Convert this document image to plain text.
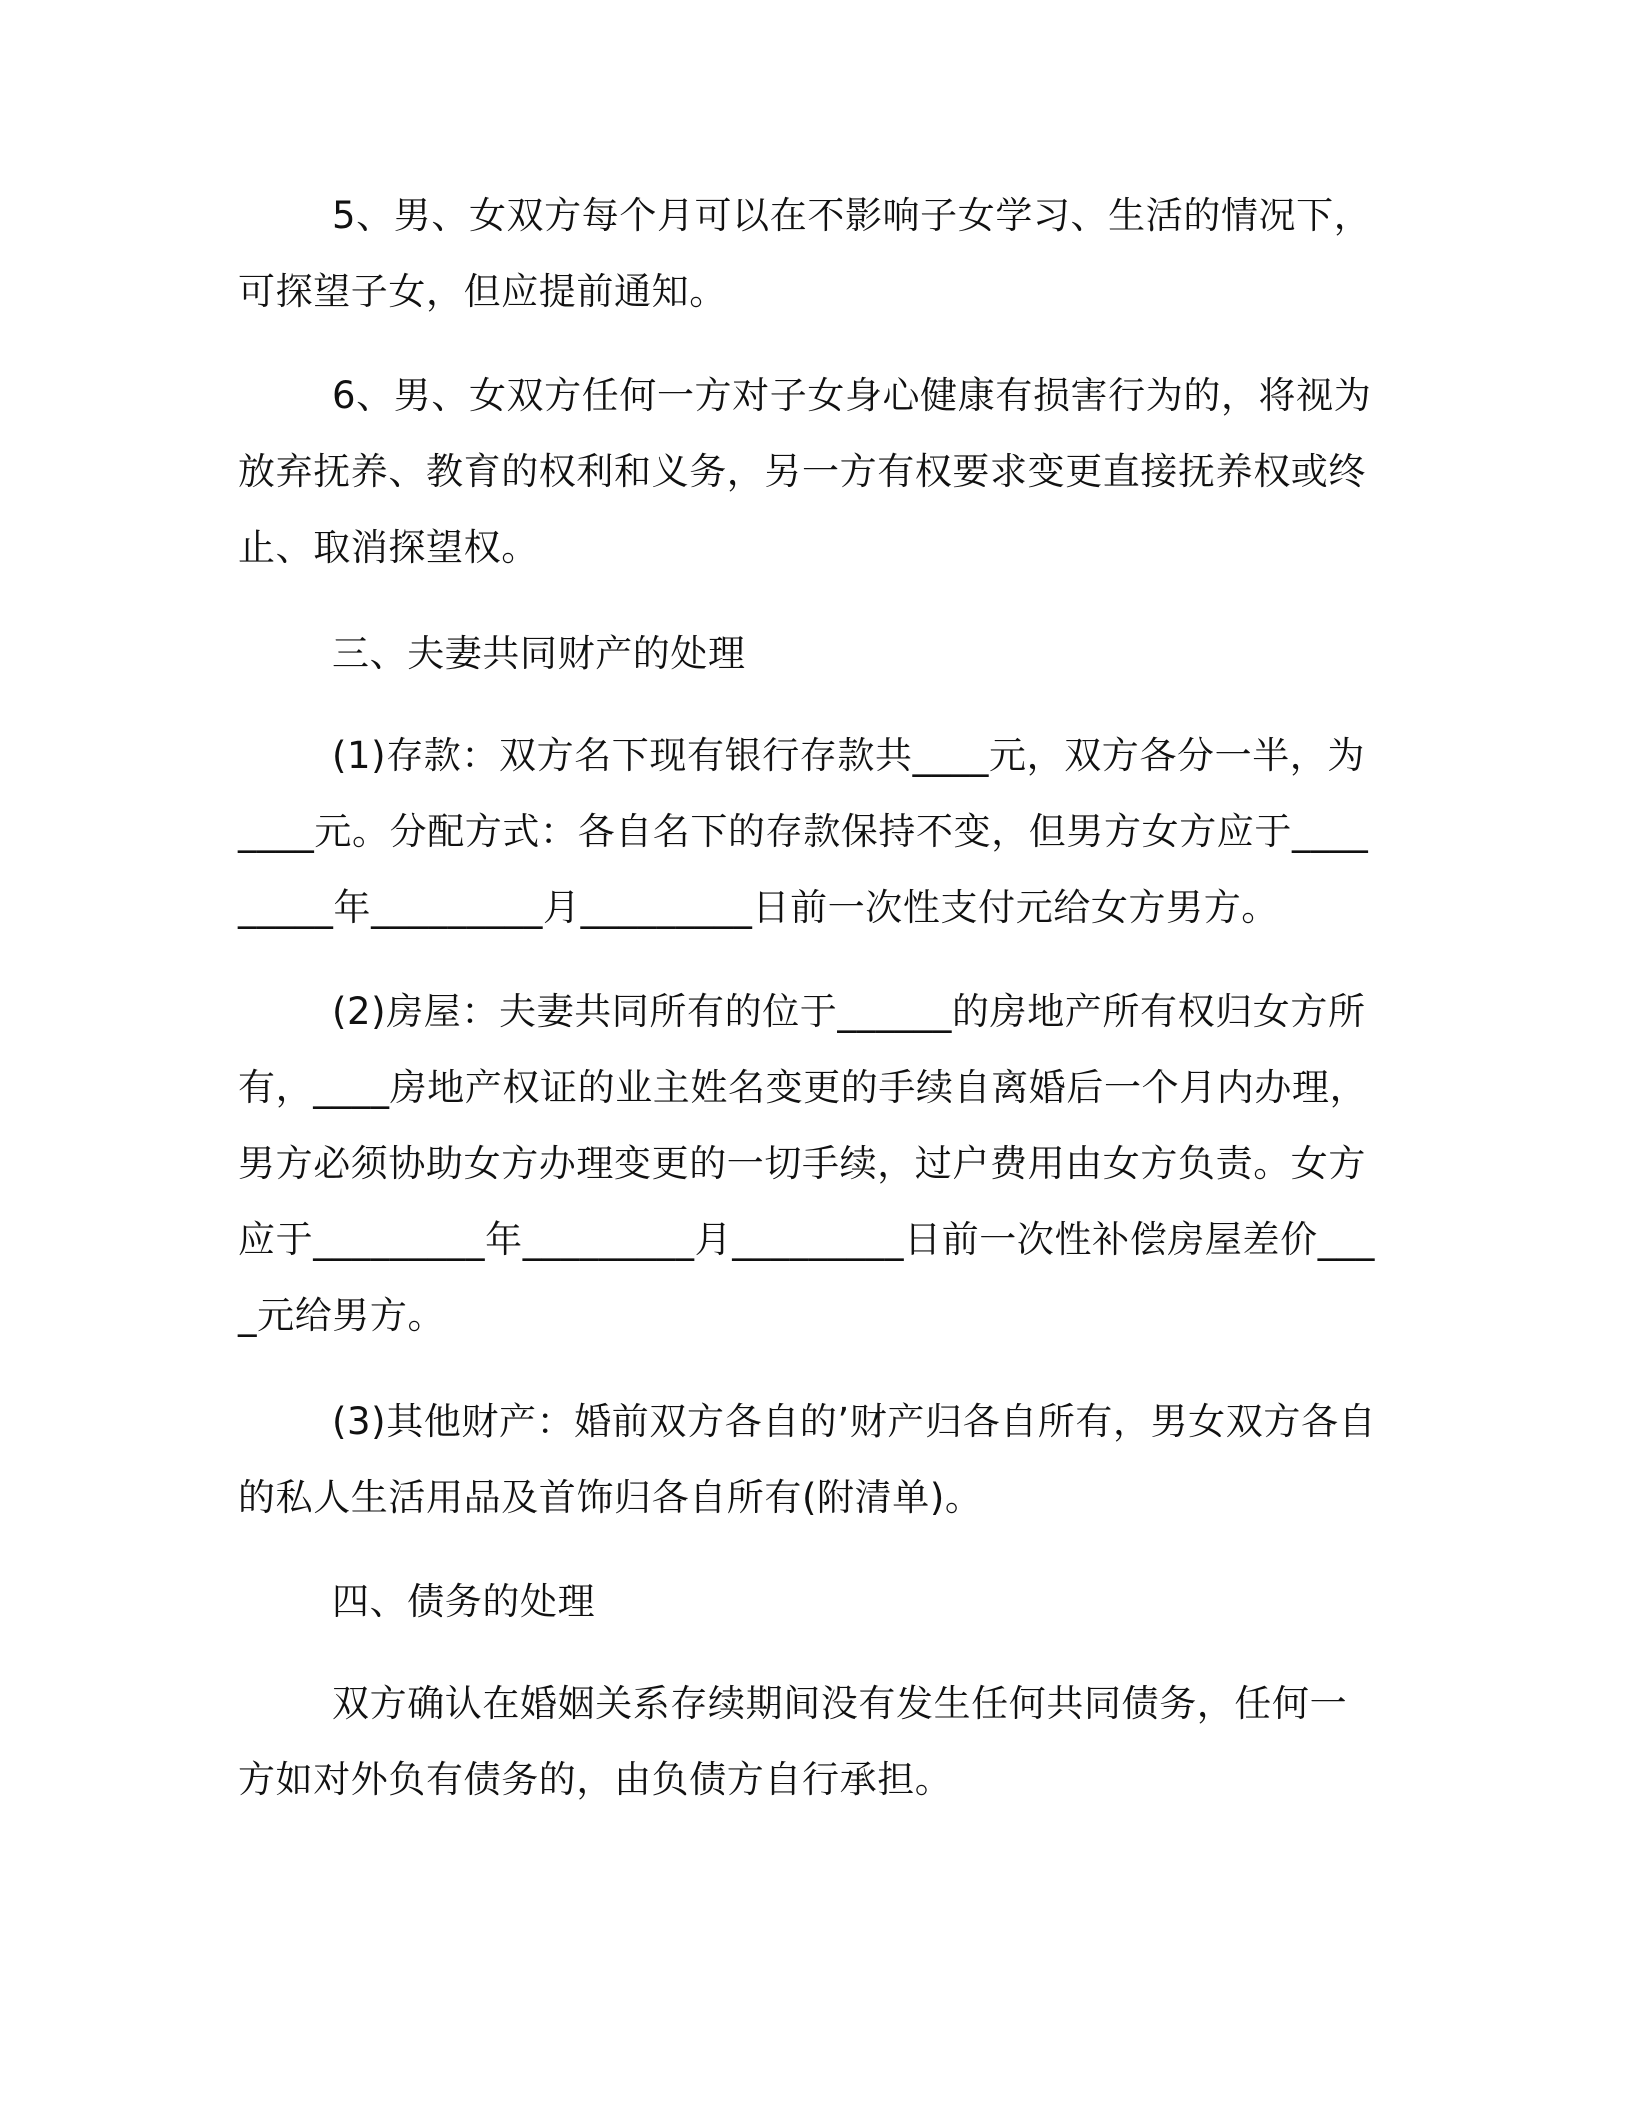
5、男、女双方每个月可以在不影响子女学习、生活的情况下，可探望子女，但应提前通知。

6、男、女双方任何一方对子女身心健康有损害行为的，将视为放弃抚养、教育的权利和义务，另一方有权要求变更直接抚养权或终止、取消探望权。

三、夫妻共同财产的处理

(1)存款：双方名下现有银行存款共____元，双方各分一半，为____元。分配方式：各自名下的存款保持不变，但男方女方应于_________年_________月_________日前一次性支付元给女方男方。

(2)房屋：夫妻共同所有的位于______的房地产所有权归女方所有，____房地产权证的业主姓名变更的手续自离婚后一个月内办理，男方必须协助女方办理变更的一切手续，过户费用由女方负责。女方应于_________年_________月_________日前一次性补偿房屋差价____元给男方。

(3)其他财产：婚前双方各自的’财产归各自所有，男女双方各自的私人生活用品及首饰归各自所有(附清单)。

四、债务的处理

双方确认在婚姻关系存续期间没有发生任何共同债务，任何一方如对外负有债务的，由负债方自行承担。
